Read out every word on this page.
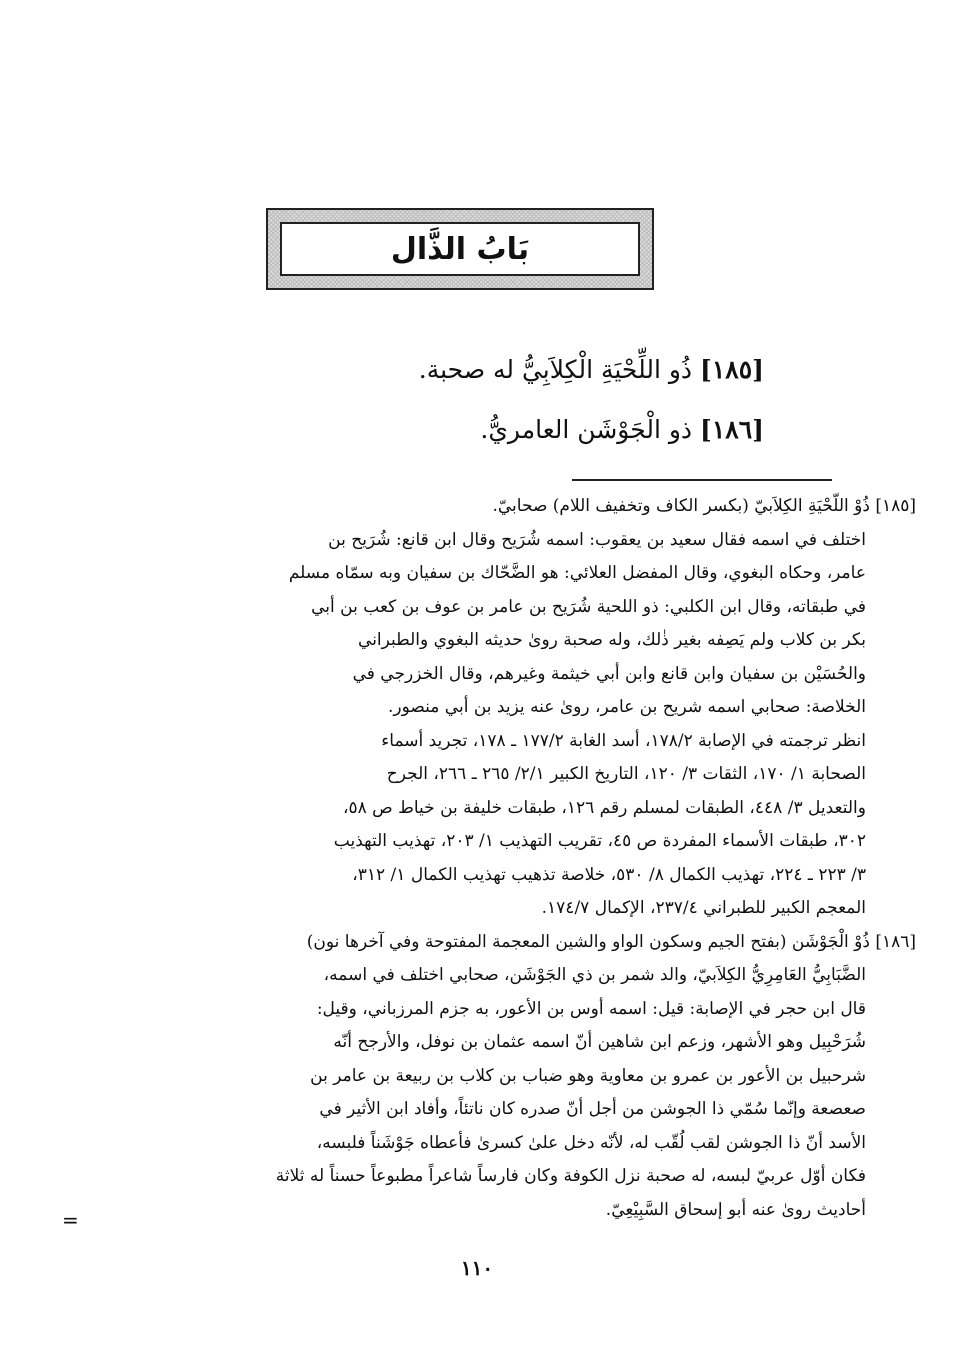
بَابُ الذَّال
[١٨٥] ذُو اللِّحْيَةِ الْكِلاَبِيُّ له صحبة.
[١٨٦] ذو الْجَوْشَن العامريُّ.
[١٨٥] ذُوْ اللّحْيَةِ الكِلاَبيّ (بكسر الكاف وتخفيف اللام) صحابيّ.
اختلف في اسمه فقال سعيد بن يعقوب: اسمه شُرَيح وقال ابن قانع: شُرَيح بن
عامر، وحكاه البغوي، وقال المفضل العلائي: هو الضَّحّاك بن سفيان وبه سمّاه مسلم
في طبقاته، وقال ابن الكلبي: ذو اللحية شُرَيح بن عامر بن عوف بن كعب بن أبي
بكر بن كلاب ولم يَصِفه بغير ذٰلك، وله صحبة روىٰ حديثه البغوي والطبراني
والحُسَيْن بن سفيان وابن قانع وابن أبي خيثمة وغيرهم، وقال الخزرجي في
الخلاصة: صحابي اسمه شريح بن عامر، روىٰ عنه يزيد بن أبي منصور.
انظر ترجمته في الإصابة ١٧٨/٢، أسد الغابة ١٧٧/٢ ـ ١٧٨، تجريد أسماء
الصحابة ١/ ١٧٠، الثقات ٣/ ١٢٠، التاريخ الكبير ٢/١/ ٢٦٥ ـ ٢٦٦، الجرح
والتعديل ٣/ ٤٤٨، الطبقات لمسلم رقم ١٢٦، طبقات خليفة بن خياط ص ٥٨،
٣٠٢، طبقات الأسماء المفردة ص ٤٥، تقريب التهذيب ١/ ٢٠٣، تهذيب التهذيب
٣/ ٢٢٣ ـ ٢٢٤، تهذيب الكمال ٨/ ٥٣٠، خلاصة تذهيب تهذيب الكمال ١/ ٣١٢،
المعجم الكبير للطبراني ٢٣٧/٤، الإكمال ١٧٤/٧.
[١٨٦] ذُوْ الْجَوْشَن (بفتح الجيم وسكون الواو والشين المعجمة المفتوحة وفي آخرها نون)
الضَّبَابِيُّ العَامِرِيُّ الكِلاَبيّ، والد شمر بن ذي الجَوْشَن، صحابي اختلف في اسمه،
قال ابن حجر في الإصابة: قيل: اسمه أوس بن الأعور، به جزم المرزباني، وقيل:
شُرَحْبِيل وهو الأشهر، وزعم ابن شاهين أنّ اسمه عثمان بن نوفل، والأرجح أنّه
شرحبيل بن الأعور بن عمرو بن معاوية وهو ضباب بن كلاب بن ربيعة بن عامر بن
صعصعة وإنّما سُمّي ذا الجوشن من أجل أنّ صدره كان ناتئاً، وأفاد ابن الأثير في
الأسد أنّ ذا الجوشن لقب لُقّب له، لأنّه دخل علىٰ كسرىٰ فأعطاه جَوْشَناً فلبسه،
فكان أوّل عربيّ لبسه، له صحبة نزل الكوفة وكان فارساً شاعراً مطبوعاً حسناً له ثلاثة
أحاديث روىٰ عنه أبو إسحاق السَّبِيْعِيّ.
=
١١٠
